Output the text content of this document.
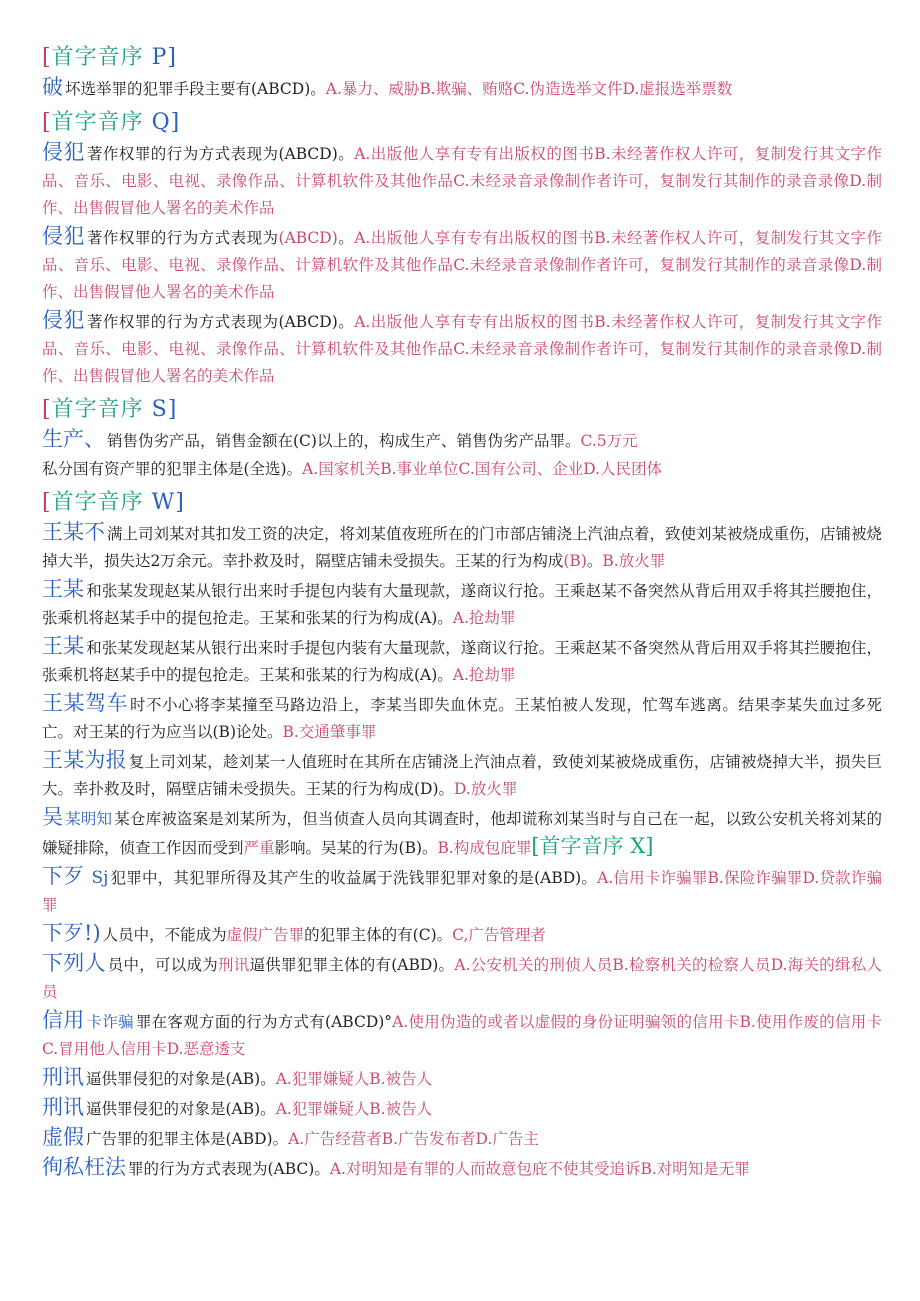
[首字音序 P]

破 坏选举罪的犯罪手段主要有(ABCD)。A.暴力、威胁B.欺骗、贿赂C.伪造选举文件D.虚报选举票数

[首字音序 Q]

侵犯 著作权罪的行为方式表现为(ABCD)。A.出版他人享有专有出版权的图书B.未经著作权人许可，复制发行其文字作品、音乐、电影、电视、录像作品、计算机软件及其他作品C.未经录音录像制作者许可，复制发行其制作的录音录像D.制作、出售假冒他人署名的美术作品

侵犯 著作权罪的行为方式表现为(ABCD)。A.出版他人享有专有出版权的图书B.未经著作权人许可，复制发行其文字作品、音乐、电影、电视、录像作品、计算机软件及其他作品C.未经录音录像制作者许可，复制发行其制作的录音录像D.制作、出售假冒他人署名的美术作品

侵犯 著作权罪的行为方式表现为(ABCD)。A.出版他人享有专有出版权的图书B.未经著作权人许可，复制发行其文字作品、音乐、电影、电视、录像作品、计算机软件及其他作品C.未经录音录像制作者许可，复制发行其制作的录音录像D.制作、出售假冒他人署名的美术作品

[首字音序 S]

生产、 销售伪劣产品，销售金额在(C)以上的，构成生产、销售伪劣产品罪。C.5万元

私分国有资产罪的犯罪主体是(全选)。A.国家机关B.事业单位C.国有公司、企业D.人民团体

[首字音序 W]

王某不 满上司刘某对其扣发工资的决定，将刘某值夜班所在的门市部店铺浇上汽油点着，致使刘某被烧成重伤，店铺被烧掉大半，损失达2万余元。幸扑救及时，隔壁店铺未受损失。王某的行为构成(B)。B.放火罪

王某 和张某发现赵某从银行出来时手提包内装有大量现款，遂商议行抢。王乘赵某不备突然从背后用双手将其拦腰抱住，张乘机将赵某手中的提包抢走。王某和张某的行为构成(A)。A.抢劫罪

王某 和张某发现赵某从银行出来时手提包内装有大量现款，遂商议行抢。王乘赵某不备突然从背后用双手将其拦腰抱住，张乘机将赵某手中的提包抢走。王某和张某的行为构成(A)。A.抢劫罪

王某驾车 时不小心将李某撞至马路边沿上，李某当即失血休克。王某怕被人发现，忙驾车逃离。结果李某失血过多死亡。对王某的行为应当以(B)论处。B.交通肇事罪

王某为报 复上司刘某，趁刘某一人值班时在其所在店铺浇上汽油点着，致使刘某被烧成重伤，店铺被烧掉大半，损失巨大。幸扑救及时，隔壁店铺未受损失。王某的行为构成(D)。D.放火罪

吴 某明知 某仓库被盗案是刘某所为，但当侦查人员向其调查时，他却谎称刘某当时与自己在一起，以致公安机关将刘某的嫌疑排除，侦查工作因而受到严重影响。吴某的行为(B)。B.构成包庇罪[首字音序 X]

下歹 Sj 犯罪中，其犯罪所得及其产生的收益属于洗钱罪犯罪对象的是(ABD)。A.信用卡诈骗罪B.保险诈骗罪D.贷款诈骗罪

下歹!) 人员中，不能成为虚假广告罪的犯罪主体的有(C)。C,广告管理者

下列人 员中，可以成为刑讯逼供罪犯罪主体的有(ABD)。A.公安机关的刑侦人员B.检察机关的检察人员D.海关的缉私人员

信用 卡诈骗 罪在客观方面的行为方式有(ABCD)°A.使用伪造的或者以虚假的身份证明骗领的信用卡B.使用作废的信用卡C.冒用他人信用卡D.恶意透支

刑讯 逼供罪侵犯的对象是(AB)。A.犯罪嫌疑人B.被告人

刑讯 逼供罪侵犯的对象是(AB)。A.犯罪嫌疑人B.被告人

虚假 广告罪的犯罪主体是(ABD)。A.广告经营者B.广告发布者D.广告主

徇私枉法 罪的行为方式表现为(ABC)。A.对明知是有罪的人而故意包庇不使其受追诉B.对明知是无罪
